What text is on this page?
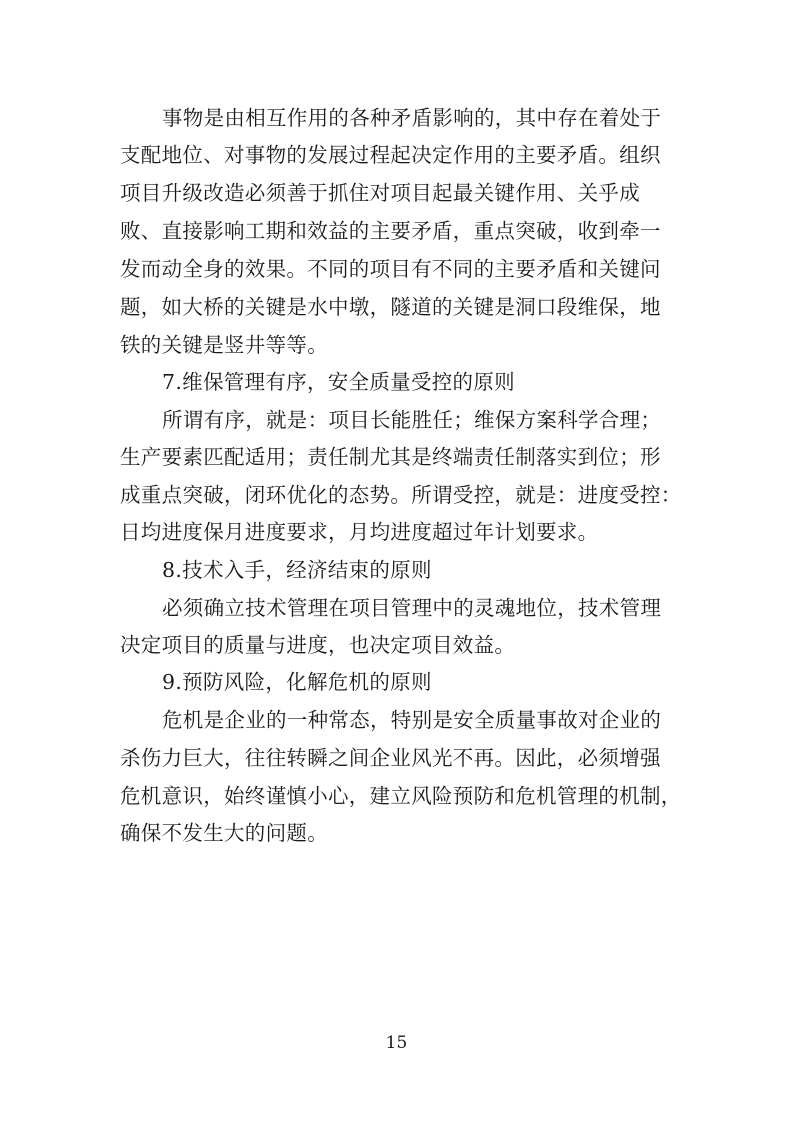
事物是由相互作用的各种矛盾影响的，其中存在着处于
支配地位、对事物的发展过程起决定作用的主要矛盾。组织
项目升级改造必须善于抓住对项目起最关键作用、关乎成
败、直接影响工期和效益的主要矛盾，重点突破，收到牵一
发而动全身的效果。不同的项目有不同的主要矛盾和关键问
题，如大桥的关键是水中墩，隧道的关键是洞口段维保，地
铁的关键是竖井等等。
7.维保管理有序，安全质量受控的原则
所谓有序，就是：项目长能胜任；维保方案科学合理；
生产要素匹配适用；责任制尤其是终端责任制落实到位；形
成重点突破，闭环优化的态势。所谓受控，就是：进度受控：
日均进度保月进度要求，月均进度超过年计划要求。
8.技术入手，经济结束的原则
必须确立技术管理在项目管理中的灵魂地位，技术管理
决定项目的质量与进度，也决定项目效益。
9.预防风险，化解危机的原则
危机是企业的一种常态，特别是安全质量事故对企业的
杀伤力巨大，往往转瞬之间企业风光不再。因此，必须增强
危机意识，始终谨慎小心，建立风险预防和危机管理的机制，
确保不发生大的问题。
15
